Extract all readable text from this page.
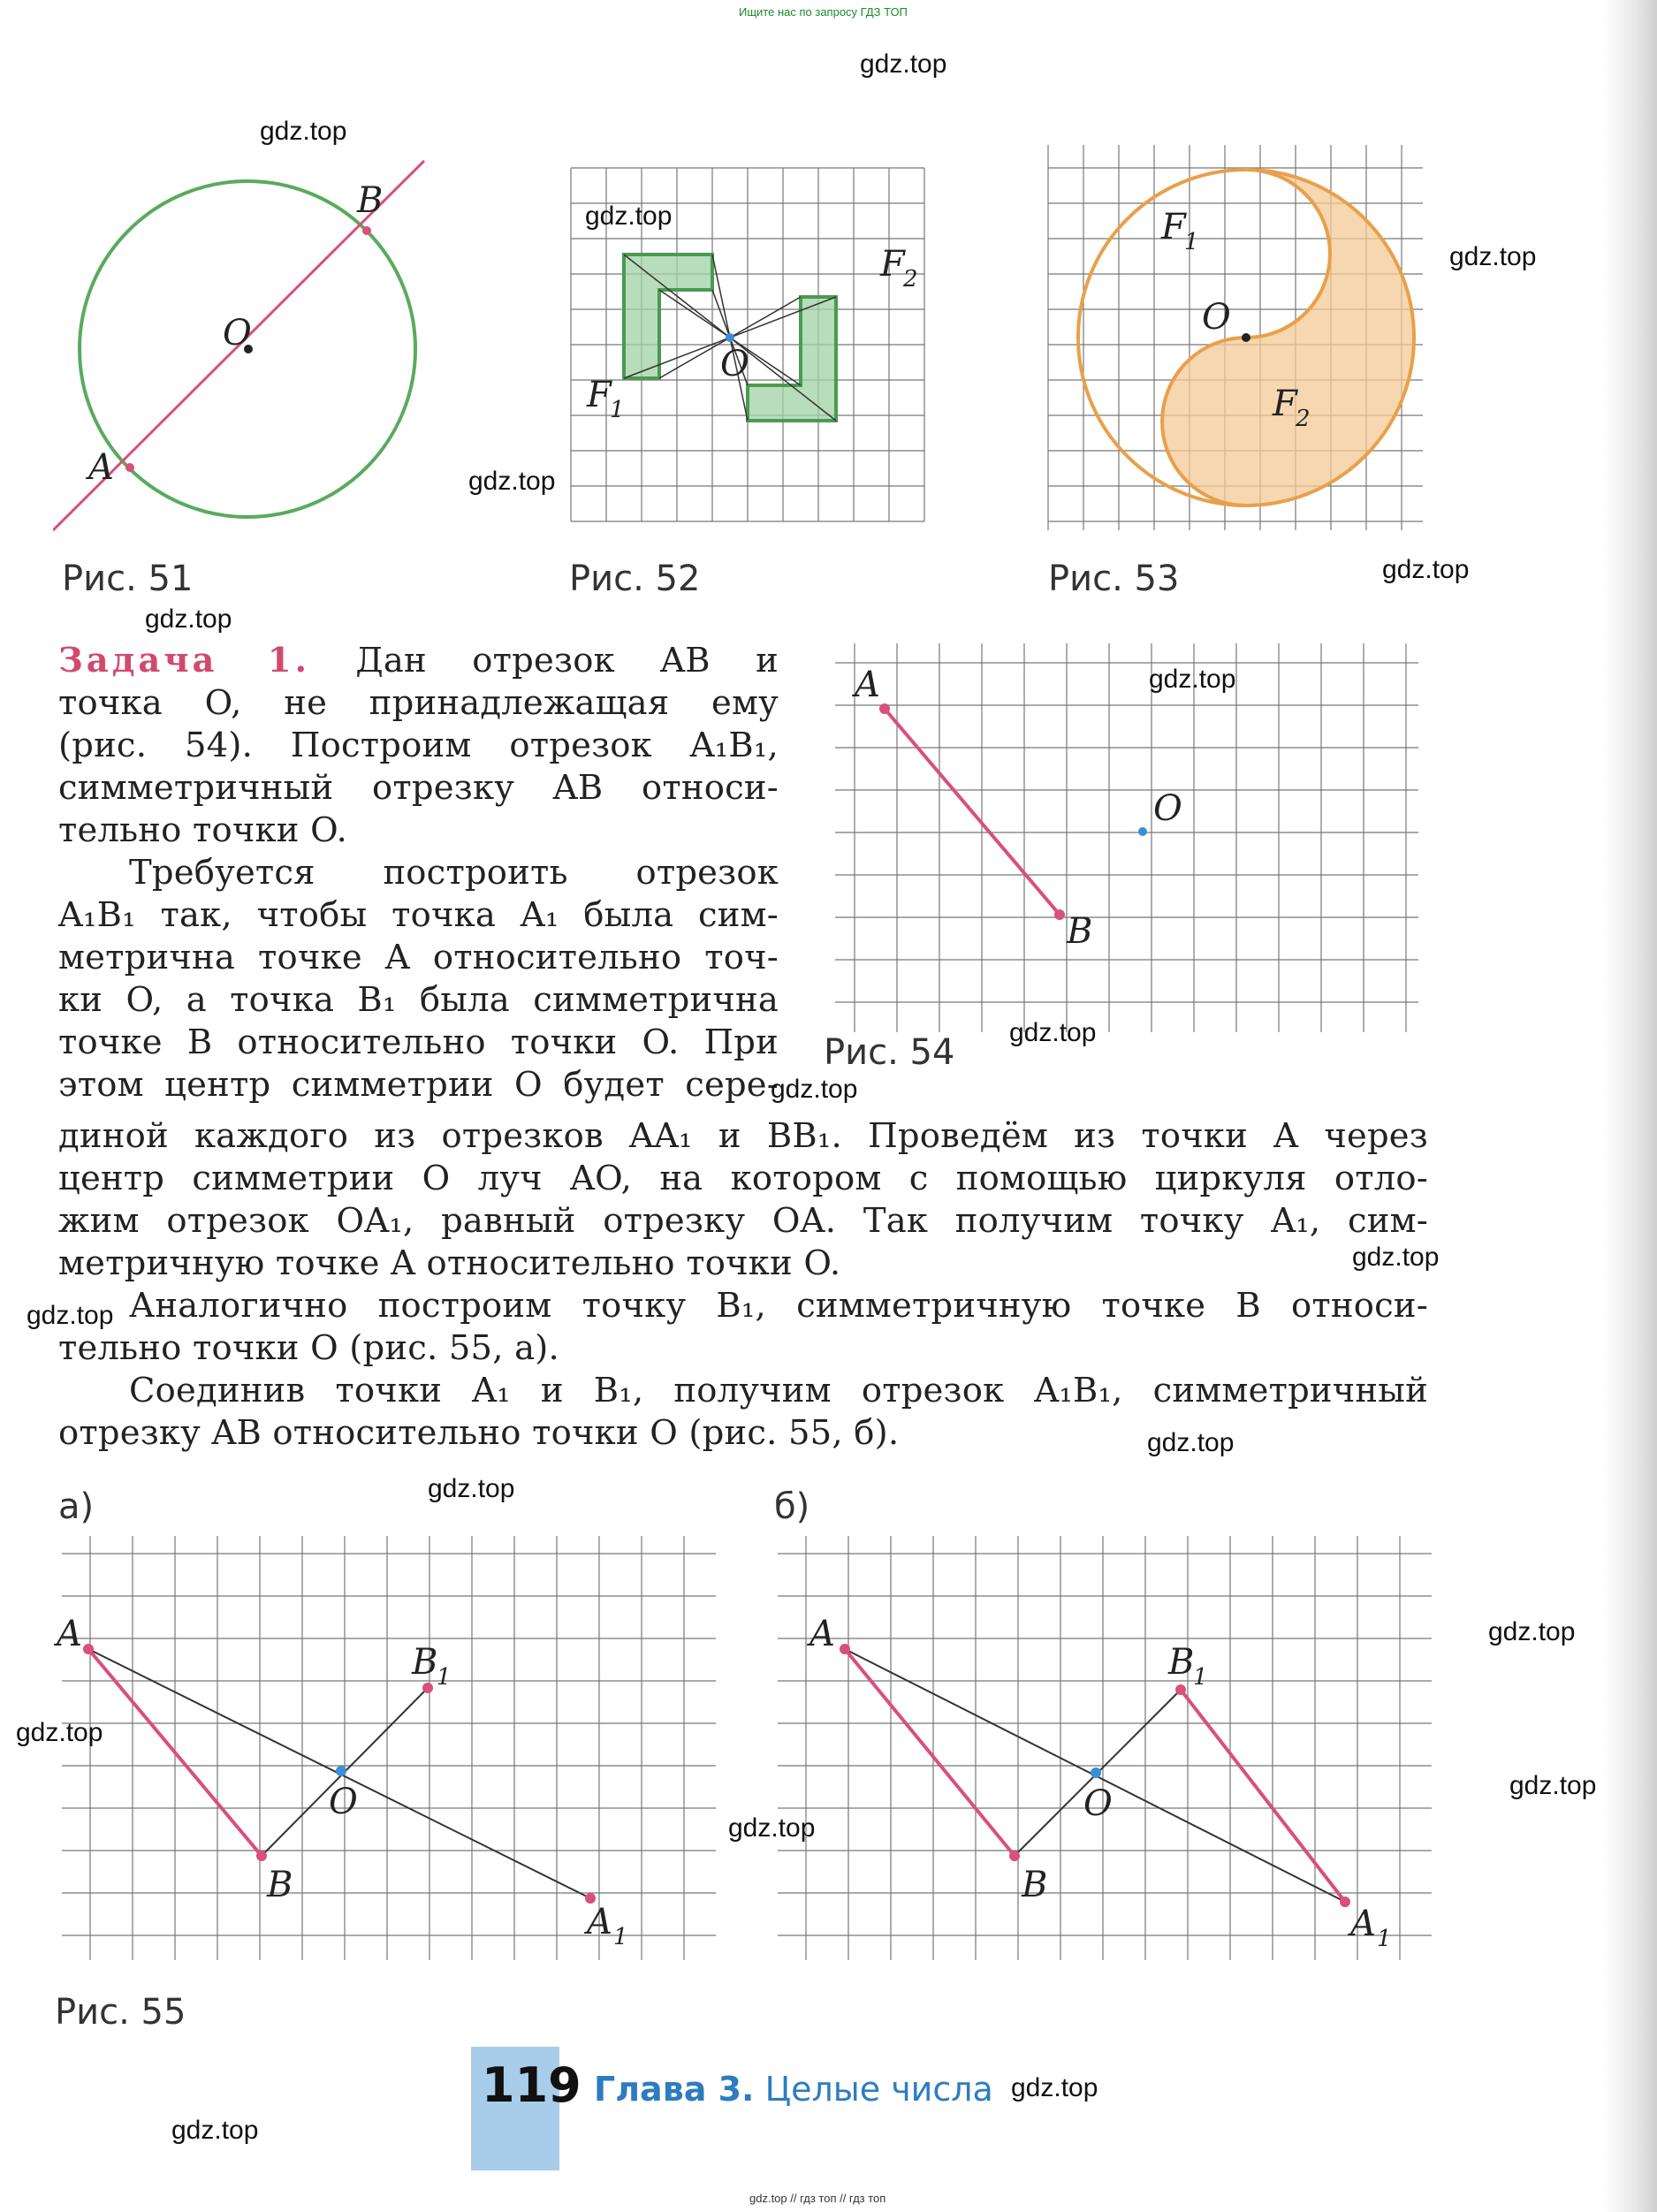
Ищите нас по запросу ГДЗ ТОП
gdz.top // гдз топ // гдз топ
B
O
A
Рис. 51
O
F
1
F
2
Рис. 52
F
1
O
F
2
Рис. 53
A
B
O
Рис. 54
Задача 1. Дан отрезок AB и
точка O, не принадлежащая ему
(рис. 54). Построим отрезок A₁B₁,
симметричный отрезку AB относи-
тельно точки O.
Требуется построить отрезок
A₁B₁ так, чтобы точка A₁ была сим-
метрична точке A относительно точ-
ки O, а точка B₁ была симметрична
точке B относительно точки O. При
этом центр симметрии O будет сере-
диной каждого из отрезков AA₁ и BB₁. Проведём из точки A через
центр симметрии O луч AO, на котором с помощью циркуля отло-
жим отрезок OA₁, равный отрезку OA. Так получим точку A₁, сим-
метричную точке A относительно точки O.
Аналогично построим точку B₁, симметричную точке B относи-
тельно точки O (рис. 55, а).
Соединив точки A₁ и B₁, получим отрезок A₁B₁, симметричный
отрезку AB относительно точки O (рис. 55, б).
а)
A
B
O
B
1
A 1
б)
A
B
O
B
1
A 1
Рис. 55
119 Глава 3. Целые числа
gdz.top
gdz.top
gdz.top
gdz.top
gdz.top
gdz.top
gdz.top
gdz.top
gdz.top
gdz.top
gdz.top
gdz.top
gdz.top
gdz.top
gdz.top
gdz.top
gdz.top
gdz.top
gdz.top
gdz.top
